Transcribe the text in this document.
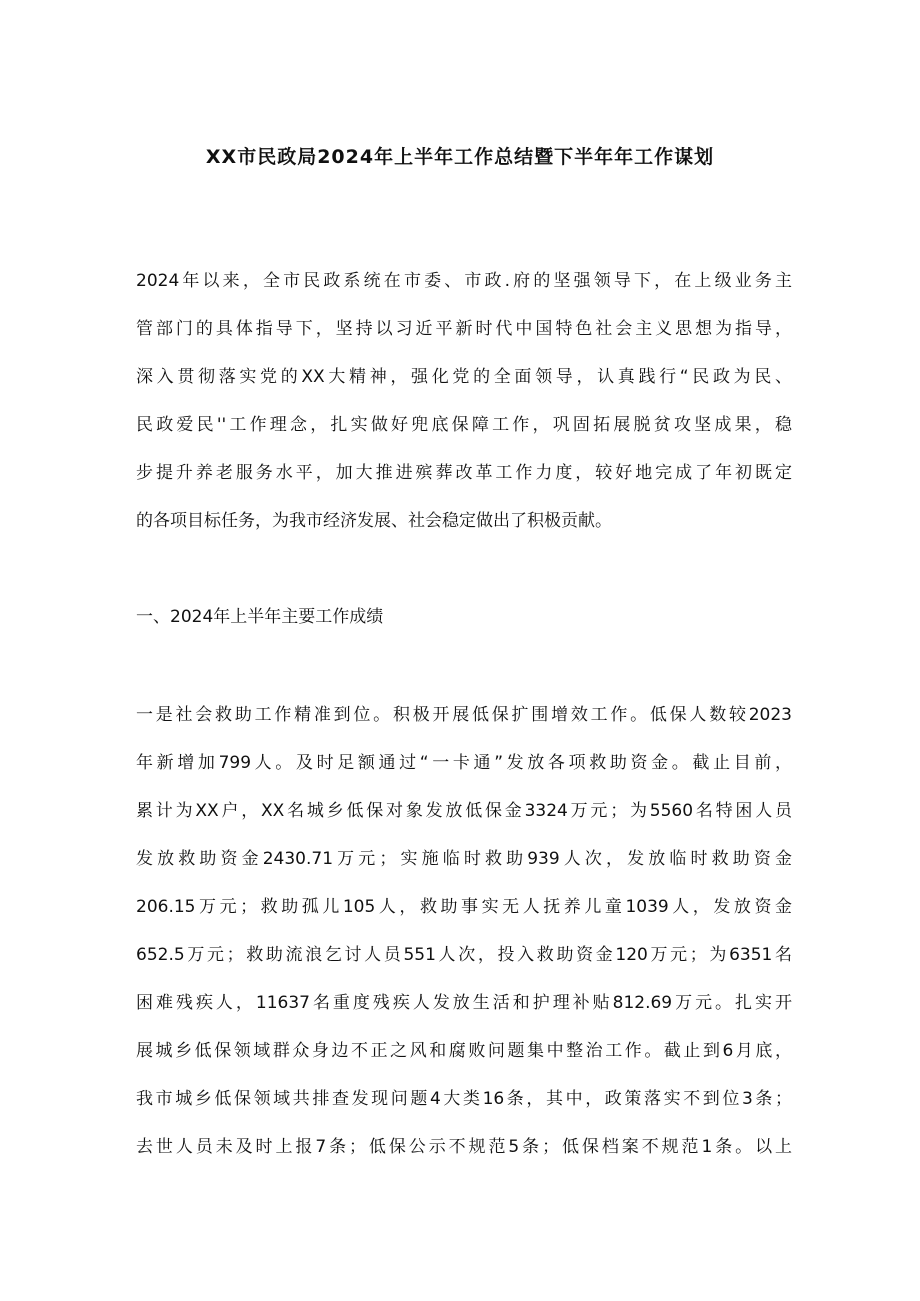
XX市民政局2024年上半年工作总结暨下半年年工作谋划
2024年以来，全市民政系统在市委、市政.府的坚强领导下，在上级业务主
管部门的具体指导下，坚持以习近平新时代中国特色社会主义思想为指导，
深入贯彻落实党的XX大精神，强化党的全面领导，认真践行“民政为民、
民政爱民''工作理念，扎实做好兜底保障工作，巩固拓展脱贫攻坚成果，稳
步提升养老服务水平，加大推进殡葬改革工作力度，较好地完成了年初既定
的各项目标任务，为我市经济发展、社会稳定做出了积极贡献。
一、2024年上半年主要工作成绩
一是社会救助工作精准到位。积极开展低保扩围增效工作。低保人数较2023
年新增加799人。及时足额通过“一卡通”发放各项救助资金。截止目前，
累计为XX户，XX名城乡低保对象发放低保金3324万元；为5560名特困人员
发放救助资金2430.71万元；实施临时救助939人次，发放临时救助资金
206.15万元；救助孤儿105人，救助事实无人抚养儿童1039人，发放资金
652.5万元；救助流浪乞讨人员551人次，投入救助资金120万元；为6351名
困难残疾人，11637名重度残疾人发放生活和护理补贴812.69万元。扎实开
展城乡低保领域群众身边不正之风和腐败问题集中整治工作。截止到6月底，
我市城乡低保领域共排查发现问题4大类16条，其中，政策落实不到位3条；
去世人员未及时上报7条；低保公示不规范5条；低保档案不规范1条。以上
